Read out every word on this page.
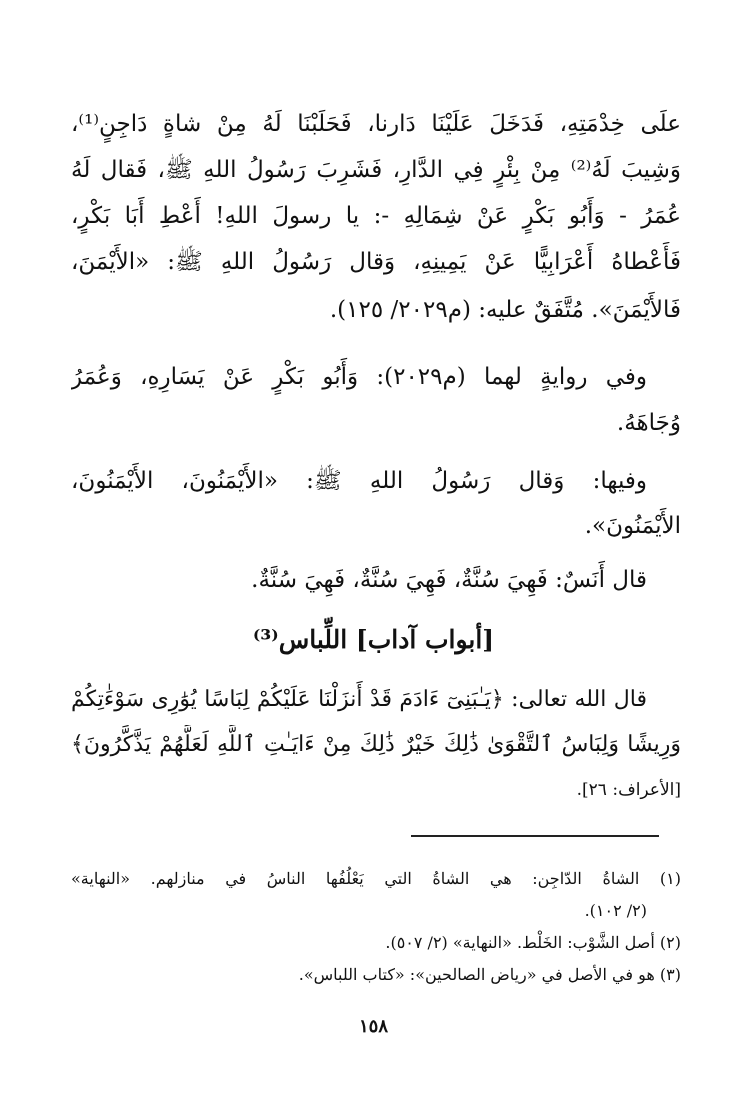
علَى خِدْمَتِهِ، فَدَخَلَ عَلَيْنَا دَارنا، فَحَلَبْنَا لَهُ مِنْ شاةٍ دَاجِنٍ⁽¹⁾،
وَشِيبَ لَهُ⁽²⁾ مِنْ بِئْرٍ فِي الدَّارِ، فَشَرِبَ رَسُولُ اللهِ ﷺ، فَقال لَهُ
عُمَرُ - وَأَبُو بَكْرٍ عَنْ شِمَالِهِ -: يا رسولَ اللهِ! أَعْطِ أَبَا بَكْرٍ،
فَأَعْطاهُ أَعْرَابِيًّا عَنْ يَمِينِهِ، وَقال رَسُولُ اللهِ ﷺ: «الأَيْمَنَ،
فَالأَيْمَنَ». مُتَّفَقٌ عليه: (م٢٠٢٩/ ١٢٥).
وفي روايةٍ لهما (م٢٠٢٩): وَأَبُو بَكْرٍ عَنْ يَسَارِهِ، وَعُمَرُ
وُجَاهَهُ.
وفيها: وَقال رَسُولُ اللهِ ﷺ: «الأَيْمَنُونَ، الأَيْمَنُونَ،
الأَيْمَنُونَ».
قال أَنَسٌ: فَهِيَ سُنَّةٌ، فَهِيَ سُنَّةٌ، فَهِيَ سُنَّةٌ.
[أبواب آداب] اللِّباس⁽³⁾
قال الله تعالى: ﴿يَـٰبَنِىٓ ءَادَمَ قَدْ أَنزَلْنَا عَلَيْكُمْ لِبَاسًا يُوَٰرِى سَوْءَٰتِكُمْ
وَرِيشًا وَلِبَاسُ ٱلتَّقْوَىٰ ذَٰلِكَ خَيْرٌ ذَٰلِكَ مِنْ ءَايَـٰتِ ٱللَّهِ لَعَلَّهُمْ يَذَّكَّرُونَ﴾
[الأعراف: ٢٦].
(١) الشاةُ الدّاجِن: هي الشاةُ التي يَعْلُفُها الناسُ في منازلهم. «النهاية»
(٢/ ١٠٢).
(٢) أصل الشَّوْب: الخَلْط. «النهاية» (٢/ ٥٠٧).
(٣) هو في الأصل في «رياض الصالحين»: «كتاب اللباس».
١٥٨
